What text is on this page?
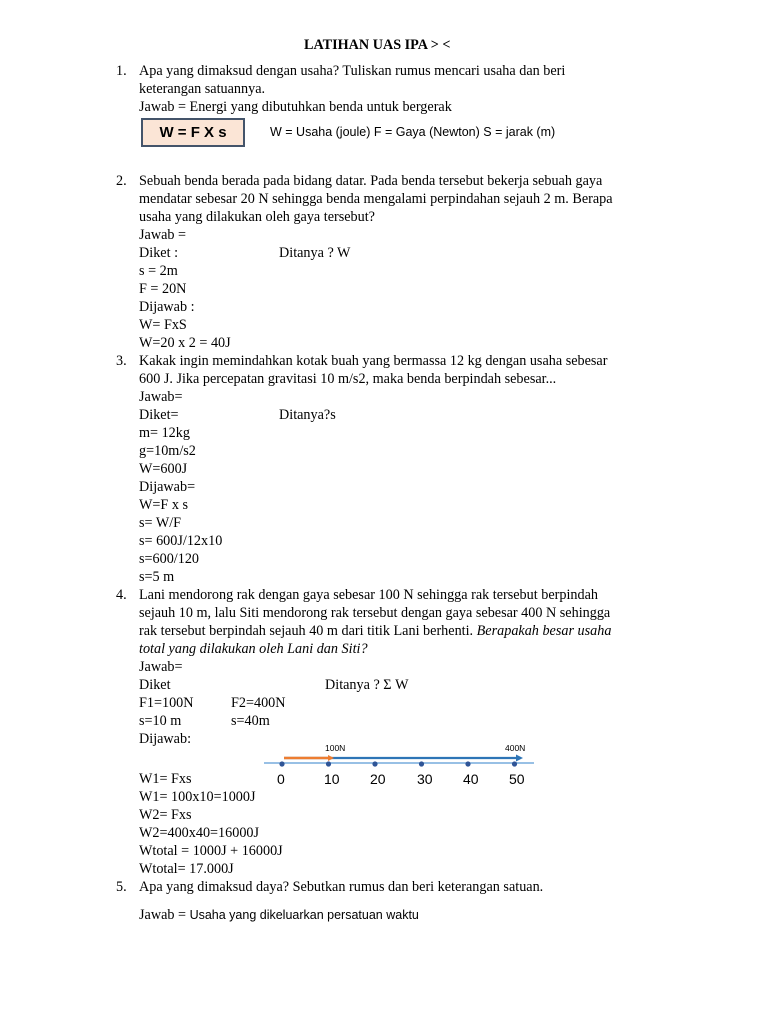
LATIHAN UAS IPA > <
1. Apa yang dimaksud dengan usaha? Tuliskan rumus mencari usaha dan beri
keterangan satuannya.
Jawab = Energi yang dibutuhkan benda untuk bergerak
W = F X s	W = Usaha (joule) F = Gaya (Newton) S = jarak (m)
2. Sebuah benda berada pada bidang datar. Pada benda tersebut bekerja sebuah gaya
mendatar sebesar 20 N sehingga benda mengalami perpindahan sejauh 2 m. Berapa
usaha yang dilakukan oleh gaya tersebut?
Jawab =
Diket :	Ditanya ? W
s = 2m
F = 20N
Dijawab :
W= FxS
W=20 x 2 = 40J
3. Kakak ingin memindahkan kotak buah yang bermassa 12 kg dengan usaha sebesar
600 J. Jika percepatan gravitasi 10 m/s2, maka benda berpindah sebesar...
Jawab=
Diket=	Ditanya?s
m= 12kg
g=10m/s2
W=600J
Dijawab=
W=F x s
s= W/F
s= 600J/12x10
s=600/120
s=5 m
4. Lani mendorong rak dengan gaya sebesar 100 N sehingga rak tersebut berpindah
sejauh 10 m, lalu Siti mendorong rak tersebut dengan gaya sebesar 400 N sehingga
rak tersebut berpindah sejauh 40 m dari titik Lani berhenti. Berapakah besar usaha
total yang dilakukan oleh Lani dan Siti?
Jawab=
Diket	Ditanya ? Σ W
F1=100N	F2=400N
s=10 m	s=40m
Dijawab:
100N	400N
0	10 20 30 40 50
W1= Fxs
W1= 100x10=1000J
W2= Fxs
W2=400x40=16000J
Wtotal = 1000J + 16000J
Wtotal= 17.000J
5. Apa yang dimaksud daya? Sebutkan rumus dan beri keterangan satuan.
Jawab = Usaha yang dikeluarkan persatuan waktu
